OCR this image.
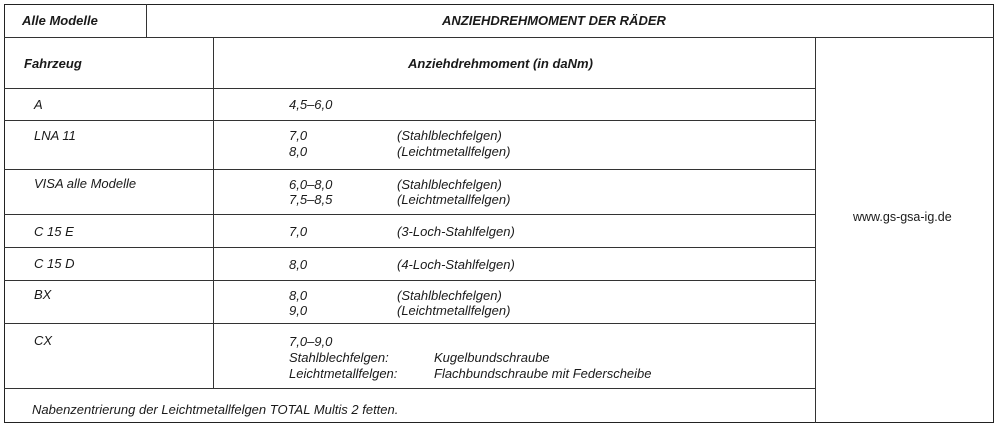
Alle Modelle	ANZIEHDREHMOMENT DER RÄDER
Fahrzeug	Anziehdrehmoment (in daNm)
A	4,5–6,0
LNA 11	7,0	(Stahlblechfelgen)
8,0	(Leichtmetallfelgen)
VISA alle Modelle	6,0–8,0	(Stahlblechfelgen)
7,5–8,5	(Leichtmetallfelgen)
C 15 E	7,0	(3-Loch-Stahlfelgen)
C 15 D	8,0	(4-Loch-Stahlfelgen)
BX	8,0	(Stahlblechfelgen)
9,0	(Leichtmetallfelgen)
CX	7,0–9,0
Stahlblechfelgen:	Kugelbundschraube
Leichtmetallfelgen:	Flachbundschraube mit Federscheibe
Nabenzentrierung der Leichtmetallfelgen TOTAL Multis 2 fetten.
www.gs-gsa-ig.de
